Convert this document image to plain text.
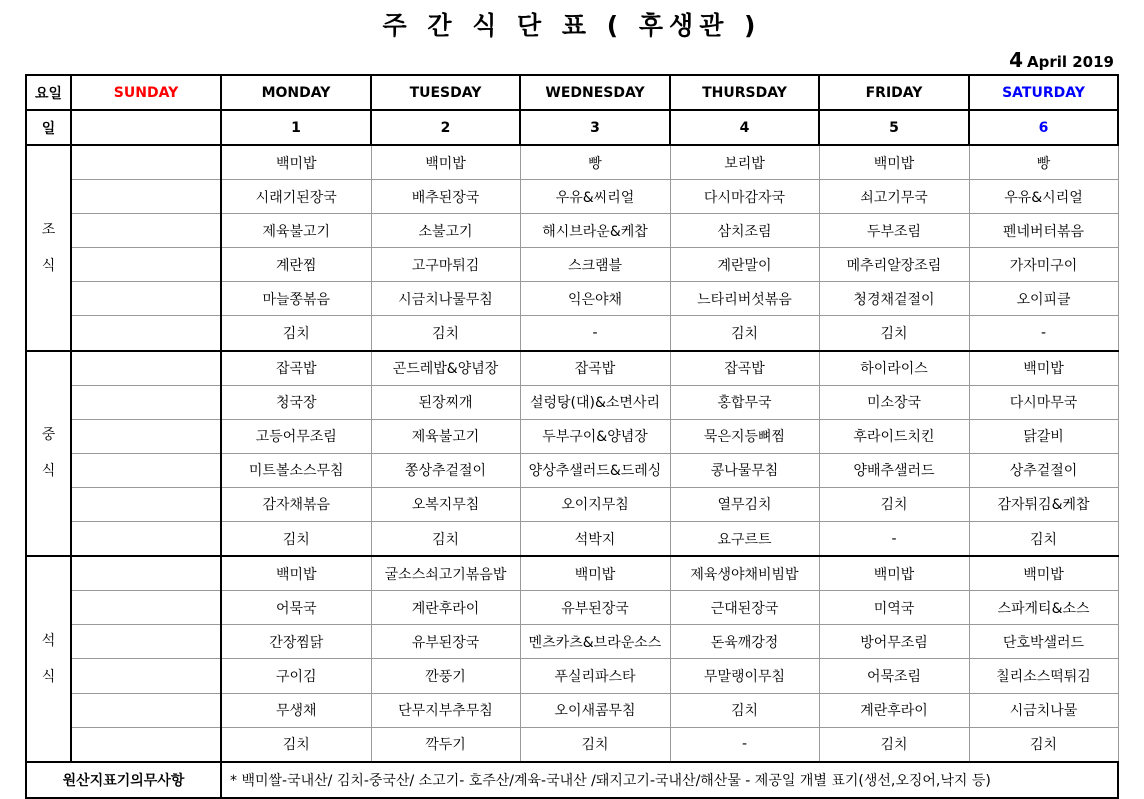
주 간 식 단 표 ( 후생관 )
4 April 2019
요일	SUNDAY	MONDAY	TUESDAY	WEDNESDAY	THURSDAY	FRIDAY	SATURDAY
일		1	2	3	4	5	6

조
식		백미밥	백미밥	빵	보리밥	백미밥	빵
		시래기된장국	배추된장국	우유&씨리얼	다시마감자국	쇠고기무국	우유&시리얼
		제육불고기	소불고기	해시브라운&케찹	삼치조림	두부조림	펜네버터볶음
		계란찜	고구마튀김	스크램블	계란말이	메추리알장조림	가자미구이
		마늘쫑볶음	시금치나물무침	익은야채	느타리버섯볶음	청경채겉절이	오이피클
		김치	김치	-	김치	김치	-

중
식		잡곡밥	곤드레밥&양념장	잡곡밥	잡곡밥	하이라이스	백미밥
		청국장	된장찌개	설렁탕(대)&소면사리	홍합무국	미소장국	다시마무국
		고등어무조림	제육불고기	두부구이&양념장	묵은지등뼈찜	후라이드치킨	닭갈비
		미트볼소스무침	쫑상추겉절이	양상추샐러드&드레싱	콩나물무침	양배추샐러드	상추겉절이
		감자채볶음	오복지무침	오이지무침	열무김치	김치	감자튀김&케찹
		김치	김치	석박지	요구르트	-	김치

석
식		백미밥	굴소스쇠고기볶음밥	백미밥	제육생야채비빔밥	백미밥	백미밥
		어묵국	계란후라이	유부된장국	근대된장국	미역국	스파게티&소스
		간장찜닭	유부된장국	멘츠카츠&브라운소스	돈육깨강정	방어무조림	단호박샐러드
		구이김	깐풍기	푸실리파스타	무말랭이무침	어묵조림	칠리소스떡튀김
		무생채	단무지부추무침	오이새콤무침	김치	계란후라이	시금치나물
		김치	깍두기	김치	-	김치	김치
원산지표기의무사항		* 백미쌀-국내산/ 김치-중국산/ 소고기- 호주산/계육-국내산 /돼지고기-국내산/해산물 - 제공일 개별 표기(생선,오징어,낙지 등)					
